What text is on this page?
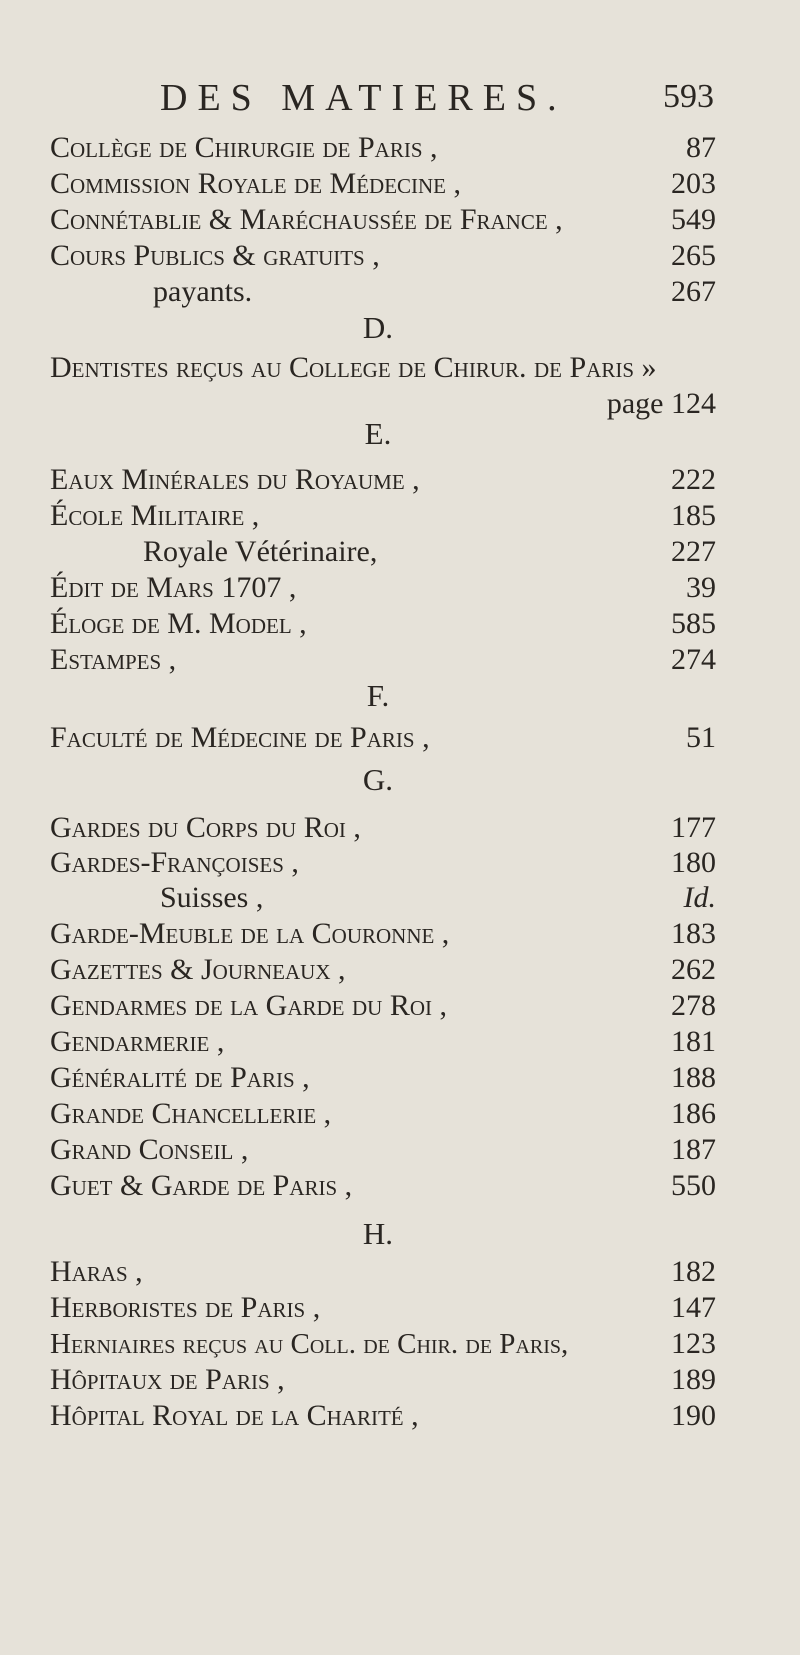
DES MATIERES.	593
Collège de Chirurgie de Paris ,	87
Commission Royale de Médecine ,	203
Connétablie & Maréchaussée de France ,	549
Cours Publics & gratuits ,	265
payants.	267
D.
Dentistes reçus au College de Chirur. de Paris »
page 124
E.
Eaux Minérales du Royaume ,	222
École Militaire ,	185
Royale Vétérinaire,	227
Édit de Mars 1707 ,	39
Éloge de M. Model ,	585
Estampes ,	274
F.
Faculté de Médecine de Paris ,	51
G.
Gardes du Corps du Roi ,	177
Gardes-Françoises ,	180
Suisses ,	Id.
Garde-Meuble de la Couronne ,	183
Gazettes & Journeaux ,	262
Gendarmes de la Garde du Roi ,	278
Gendarmerie ,	181
Généralité de Paris ,	188
Grande Chancellerie ,	186
Grand Conseil ,	187
Guet & Garde de Paris ,	550
H.
Haras ,	182
Herboristes de Paris ,	147
Herniaires reçus au Coll. de Chir. de Paris,	123
Hôpitaux de Paris ,	189
Hôpital Royal de la Charité ,	190
